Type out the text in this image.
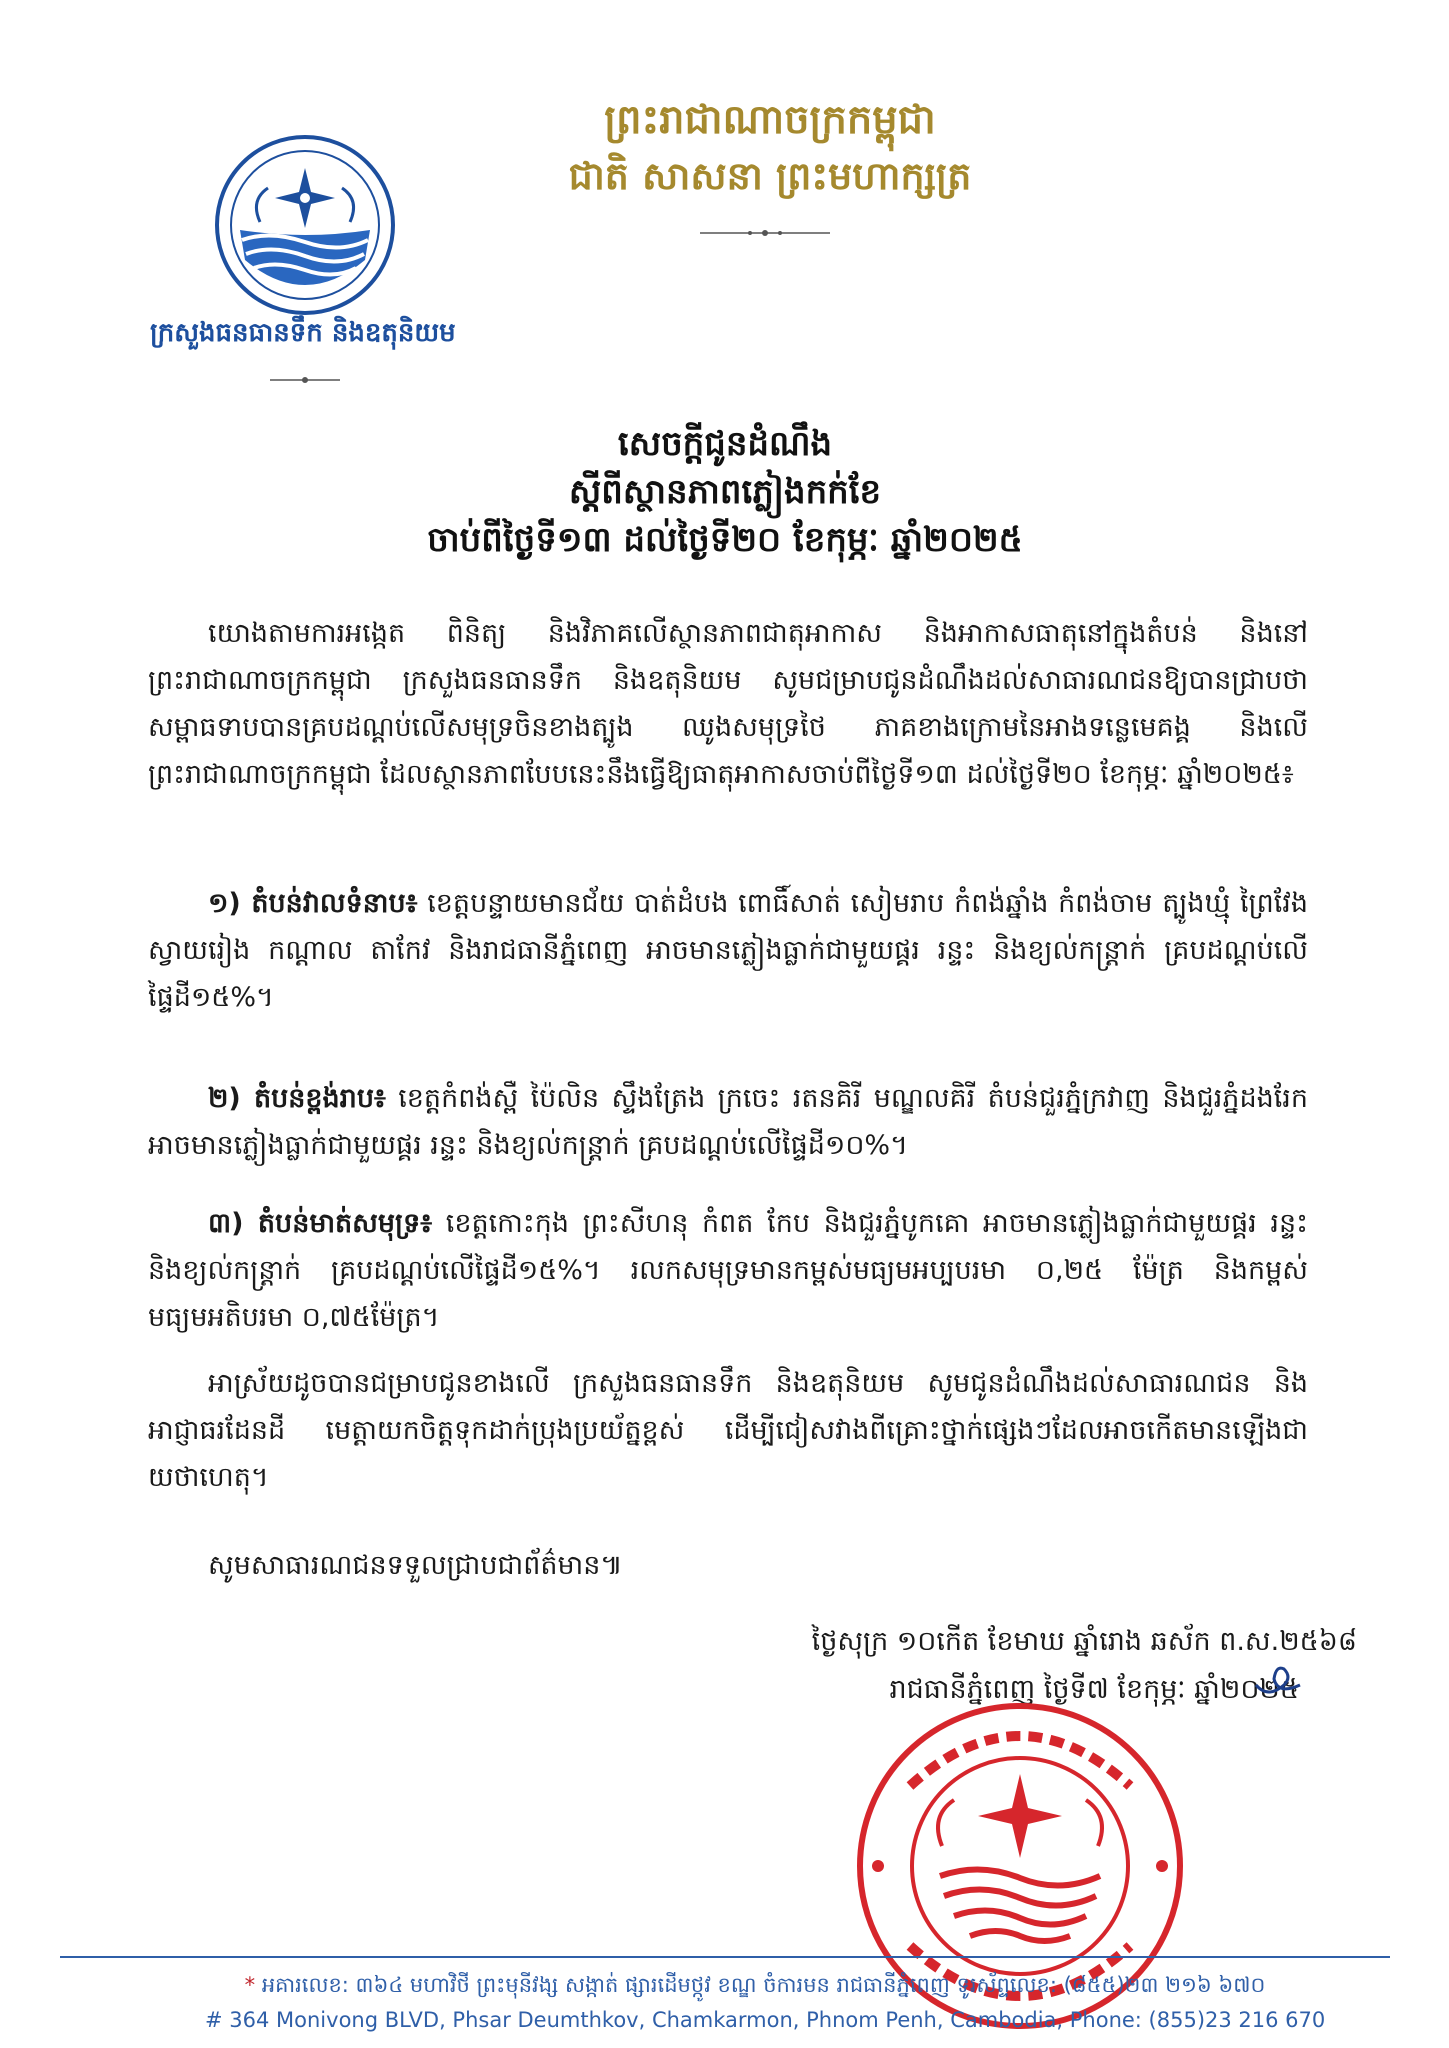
ព្រះរាជាណាចក្រកម្ពុជា
ជាតិ សាសនា ព្រះមហាក្សត្រ
ក្រសួងធនធានទឹក និងឧតុនិយម
សេចក្ដីជូនដំណឹង
ស្ដីពីស្ថានភាពភ្លៀងកក់ខែ
ចាប់ពីថ្ងៃទី១៣ ដល់ថ្ងៃទី២០ ខែកុម្ភៈ ឆ្នាំ២០២៥
យោងតាមការអង្កេត ពិនិត្យ និងវិភាគលើស្ថានភាពជាតុអាកាស និងអាកាសធាតុនៅក្នុងតំបន់ និងនៅព្រះរាជាណាចក្រកម្ពុជា ក្រសួងធនធានទឹក និងឧតុនិយម សូមជម្រាបជូនដំណឹងដល់សាធារណជនឱ្យបានជ្រាបថា សម្ពាធទាបបានគ្របដណ្ដប់លើសមុទ្រចិនខាងត្បូង ឈូងសមុទ្រថៃ ភាគខាងក្រោមនៃអាងទន្លេមេគង្គ និងលើព្រះរាជាណាចក្រកម្ពុជា ដែលស្ថានភាពបែបនេះនឹងធ្វើឱ្យធាតុអាកាសចាប់ពីថ្ងៃទី១៣ ដល់ថ្ងៃទី២០ ខែកុម្ភៈ ឆ្នាំ២០២៥៖
១) តំបន់វាលទំនាប៖ ខេត្តបន្ទាយមានជ័យ បាត់ដំបង ពោធិ៍សាត់ សៀមរាប កំពង់ឆ្នាំង កំពង់ចាម ត្បូងឃ្មុំ ព្រៃវែង ស្វាយរៀង កណ្ដាល តាកែវ និងរាជធានីភ្នំពេញ អាចមានភ្លៀងធ្លាក់ជាមួយផ្គរ រន្ទះ និងខ្យល់កន្ត្រាក់ គ្របដណ្ដប់លើផ្ទៃដី១៥%។
២) តំបន់ខ្ពង់រាប៖ ខេត្តកំពង់ស្ពឺ ប៉ៃលិន ស្ទឹងត្រែង ក្រចេះ រតនគិរី មណ្ឌលគិរី តំបន់ជួរភ្នំក្រវាញ និងជួរភ្នំដងរែក អាចមានភ្លៀងធ្លាក់ជាមួយផ្គរ រន្ទះ និងខ្យល់កន្ត្រាក់ គ្របដណ្ដប់លើផ្ទៃដី១០%។
៣) តំបន់មាត់សមុទ្រ៖ ខេត្តកោះកុង ព្រះសីហនុ កំពត កែប និងជួរភ្នំបូកគោ អាចមានភ្លៀងធ្លាក់ជាមួយផ្គរ រន្ទះ និងខ្យល់កន្ត្រាក់ គ្របដណ្ដប់លើផ្ទៃដី១៥%។ រលកសមុទ្រមានកម្ពស់មធ្យមអប្បបរមា ០,២៥ ម៉ែត្រ និងកម្ពស់មធ្យមអតិបរមា ០,៧៥ម៉ែត្រ។
អាស្រ័យដូចបានជម្រាបជូនខាងលើ ក្រសួងធនធានទឹក និងឧតុនិយម សូមជូនដំណឹងដល់សាធារណជន និងអាជ្ញាធរដែនដី មេត្តាយកចិត្តទុកដាក់ប្រុងប្រយ័ត្នខ្ពស់ ដើម្បីជៀសវាងពីគ្រោះថ្នាក់ផ្សេងៗដែលអាចកើតមានឡើងជាយថាហេតុ។
សូមសាធារណជនទទួលជ្រាបជាព័ត៌មាន៕
ថ្ងៃសុក្រ ១០កើត ខែមាឃ ឆ្នាំរោង ឆស័ក ព.ស.២៥៦៨
រាជធានីភ្នំពេញ ថ្ងៃទី៧ ខែកុម្ភៈ ឆ្នាំ២០២៥
* អគារលេខ: ៣៦៤ មហាវិថី ព្រះមុនីវង្ស សង្កាត់ ផ្សារដើមថ្កូវ ខណ្ឌ ចំការមន រាជធានីភ្នំពេញ ទូរស័ព្ទលេខ: (៨៥៥)២៣ ២១៦ ៦៧០
# 364 Monivong BLVD, Phsar Deumthkov, Chamkarmon, Phnom Penh, Cambodia, Phone: (855)23 216 670
